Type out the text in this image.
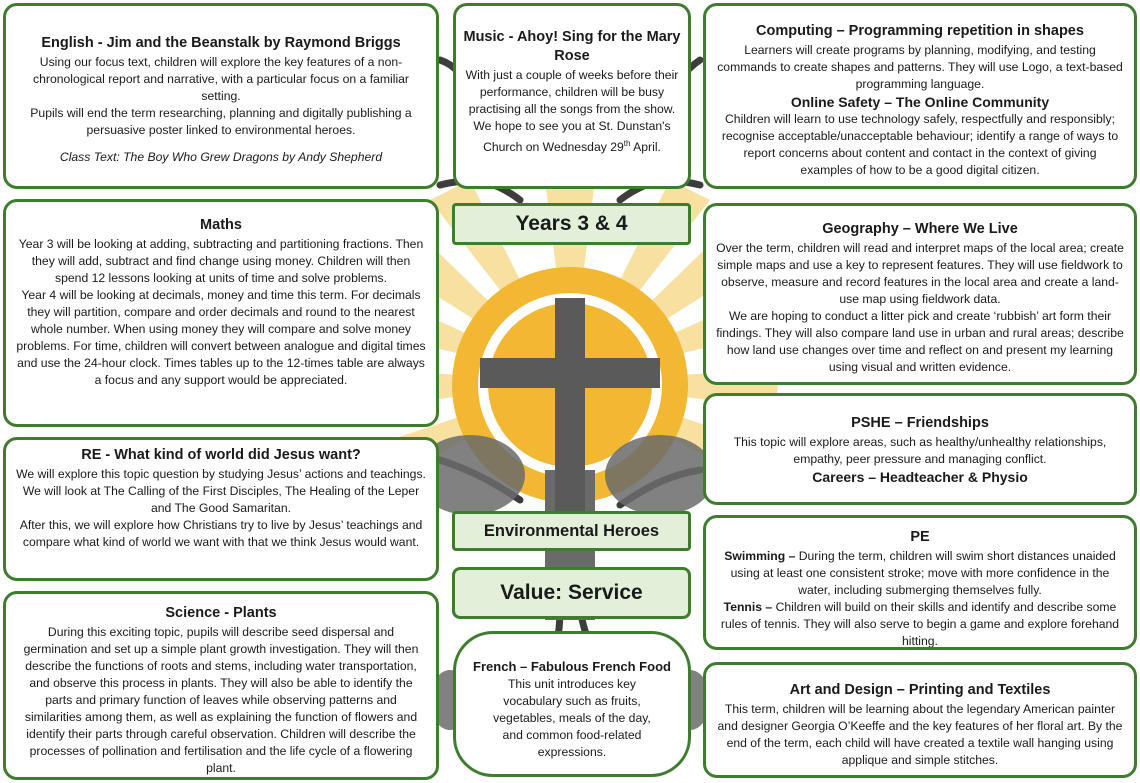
English - Jim and the Beanstalk by Raymond Briggs

Using our focus text, children will explore the key features of a non-chronological report and narrative, with a particular focus on a familiar setting.

Pupils will end the term researching, planning and digitally publishing a persuasive poster linked to environmental heroes.

Class Text: The Boy Who Grew Dragons by Andy Shepherd
Music - Ahoy! Sing for the Mary Rose

With just a couple of weeks before their performance, children will be busy practising all the songs from the show.

We hope to see you at St. Dunstan's Church on Wednesday 29th April.

Computing – Programming repetition in shapes

Learners will create programs by planning, modifying, and testing commands to create shapes and patterns. They will use Logo, a text-based programming language.

Online Safety – The Online Community

Children will learn to use technology safely, respectfully and responsibly; recognise acceptable/unacceptable behaviour; identify a range of ways to report concerns about content and contact in the context of giving examples of how to be a good digital citizen.

Years 3 & 4
Maths

Year 3 will be looking at adding, subtracting and partitioning fractions. Then they will add, subtract and find change using money. Children will then spend 12 lessons looking at units of time and solve problems.

Year 4 will be looking at decimals, money and time this term. For decimals they will partition, compare and order decimals and round to the nearest whole number. When using money they will compare and solve money problems. For time, children will convert between analogue and digital times and use the 24-hour clock. Times tables up to the 12-times table are always a focus and any support would be appreciated.

Geography – Where We Live

Over the term, children will read and interpret maps of the local area; create simple maps and use a key to represent features. They will use fieldwork to observe, measure and record features in the local area and create a land-use map using fieldwork data.

We are hoping to conduct a litter pick and create ‘rubbish’ art form their findings. They will also compare land use in urban and rural areas; describe how land use changes over time and reflect on and present my learning using visual and written evidence.

PSHE – Friendships

This topic will explore areas, such as healthy/unhealthy relationships, empathy, peer pressure and managing conflict.

Careers – Headteacher & Physio
RE - What kind of world did Jesus want?

We will explore this topic question by studying Jesus’ actions and teachings. We will look at The Calling of the First Disciples, The Healing of the Leper and The Good Samaritan.

After this, we will explore how Christians try to live by Jesus’ teachings and compare what kind of world we want with that we think Jesus would want.

Environmental Heroes
Value: Service
PE

Swimming – During the term, children will swim short distances unaided using at least one consistent stroke; move with more confidence in the water, including submerging themselves fully.

Tennis – Children will build on their skills and identify and describe some rules of tennis. They will also serve to begin a game and explore forehand hitting.

Science - Plants

During this exciting topic, pupils will describe seed dispersal and germination and set up a simple plant growth investigation. They will then describe the functions of roots and stems, including water transportation, and observe this process in plants. They will also be able to identify the parts and primary function of leaves while observing patterns and similarities among them, as well as explaining the function of flowers and identify their parts through careful observation. Children will describe the processes of pollination and fertilisation and the life cycle of a flowering plant.

French – Fabulous French Food

This unit introduces key vocabulary such as fruits, vegetables, meals of the day, and common food-related expressions.

Art and Design – Printing and Textiles

This term, children will be learning about the legendary American painter and designer Georgia O’Keeffe and the key features of her floral art. By the end of the term, each child will have created a textile wall hanging using applique and simple stitches.
